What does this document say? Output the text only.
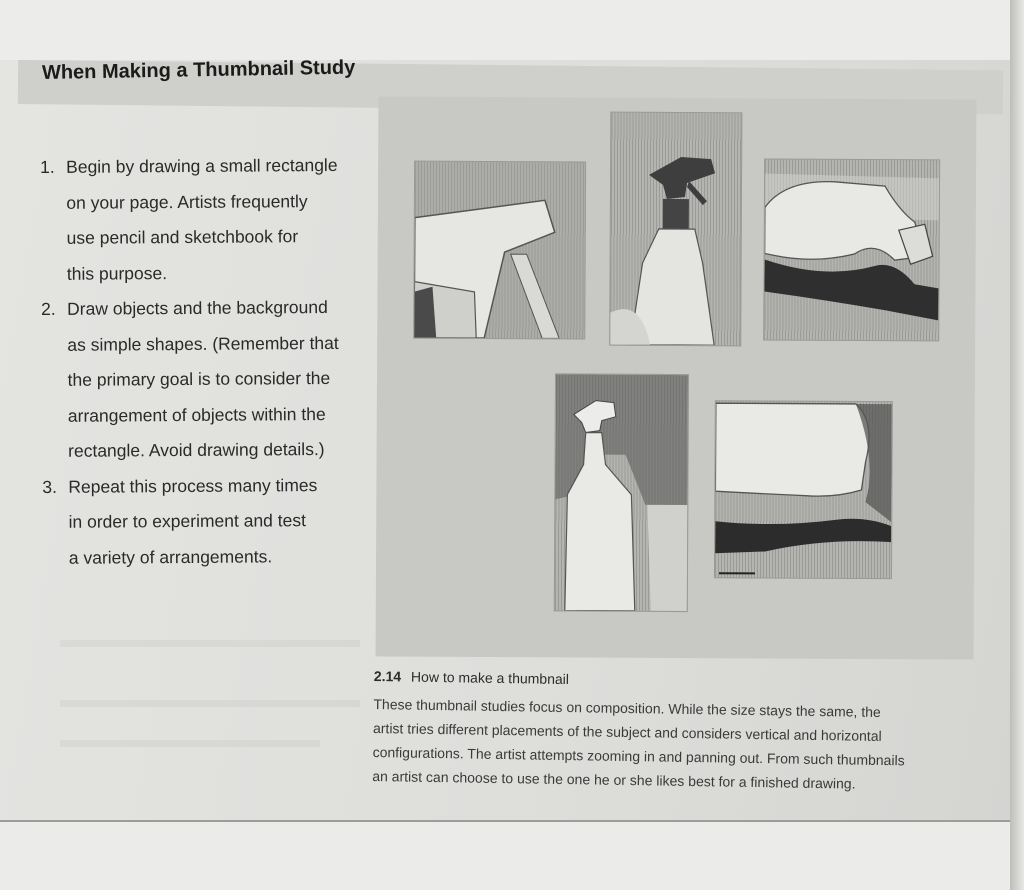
When Making a Thumbnail Study
1. Begin by drawing a small rectangle
on your page. Artists frequently
use pencil and sketchbook for
this purpose.
2. Draw objects and the background
as simple shapes. (Remember that
the primary goal is to consider the
arrangement of objects within the
rectangle. Avoid drawing details.)
3. Repeat this process many times
in order to experiment and test
a variety of arrangements.
2.14 How to make a thumbnail
These thumbnail studies focus on composition. While the size stays the same, the
artist tries different placements of the subject and considers vertical and horizontal
configurations. The artist attempts zooming in and panning out. From such thumbnails
an artist can choose to use the one he or she likes best for a finished drawing.
